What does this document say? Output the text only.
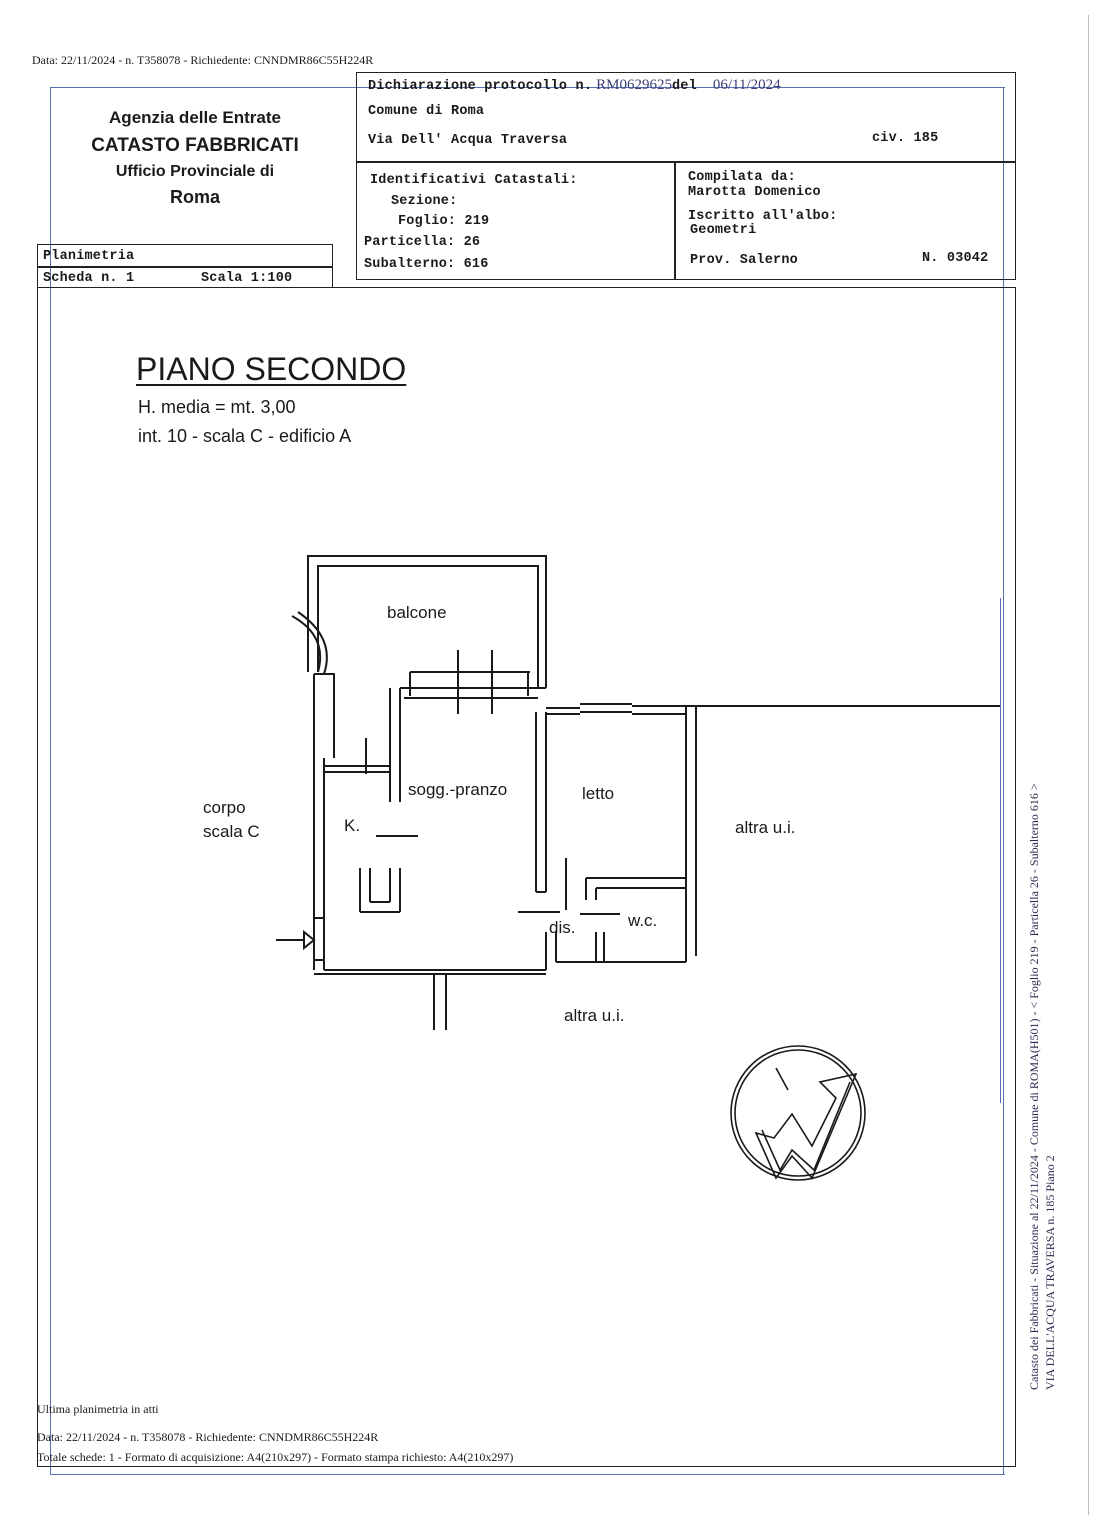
Data: 22/11/2024 - n. T358078 - Richiedente: CNNDMR86C55H224R
Agenzia delle Entrate
CATASTO FABBRICATI
Ufficio Provinciale di
Roma
Dichiarazione protocollo n. RM0629625del 06/11/2024
Comune di Roma
Via Dell' Acqua Traversa	civ. 185
Identificativi Catastali:
Sezione:
Foglio: 219
Particella: 26
Subalterno: 616
Compilata da:
Marotta Domenico
Iscritto all'albo:
Geometri
Prov. Salerno	N. 03042
Planimetria
Scheda n. 1	Scala 1:100
PIANO SECONDO
H. media = mt. 3,00
int. 10 - scala C - edificio A
balcone
sogg.-pranzo	letto
K.
dis.	w.c.
corpo
scala C	altra u.i.
altra u.i.	Catasto dei Fabbricati - Situazione al 22/11/2024 - Comune di ROMA(H501) - < Foglio 219 - Particella 26 - Subalterno 616 > VIA DELL'ACQUA TRAVERSA n. 185 Piano 2
Ultima planimetria in atti
Data: 22/11/2024 - n. T358078 - Richiedente: CNNDMR86C55H224R
Totale schede: 1 - Formato di acquisizione: A4(210x297) - Formato stampa richiesto: A4(210x297)
